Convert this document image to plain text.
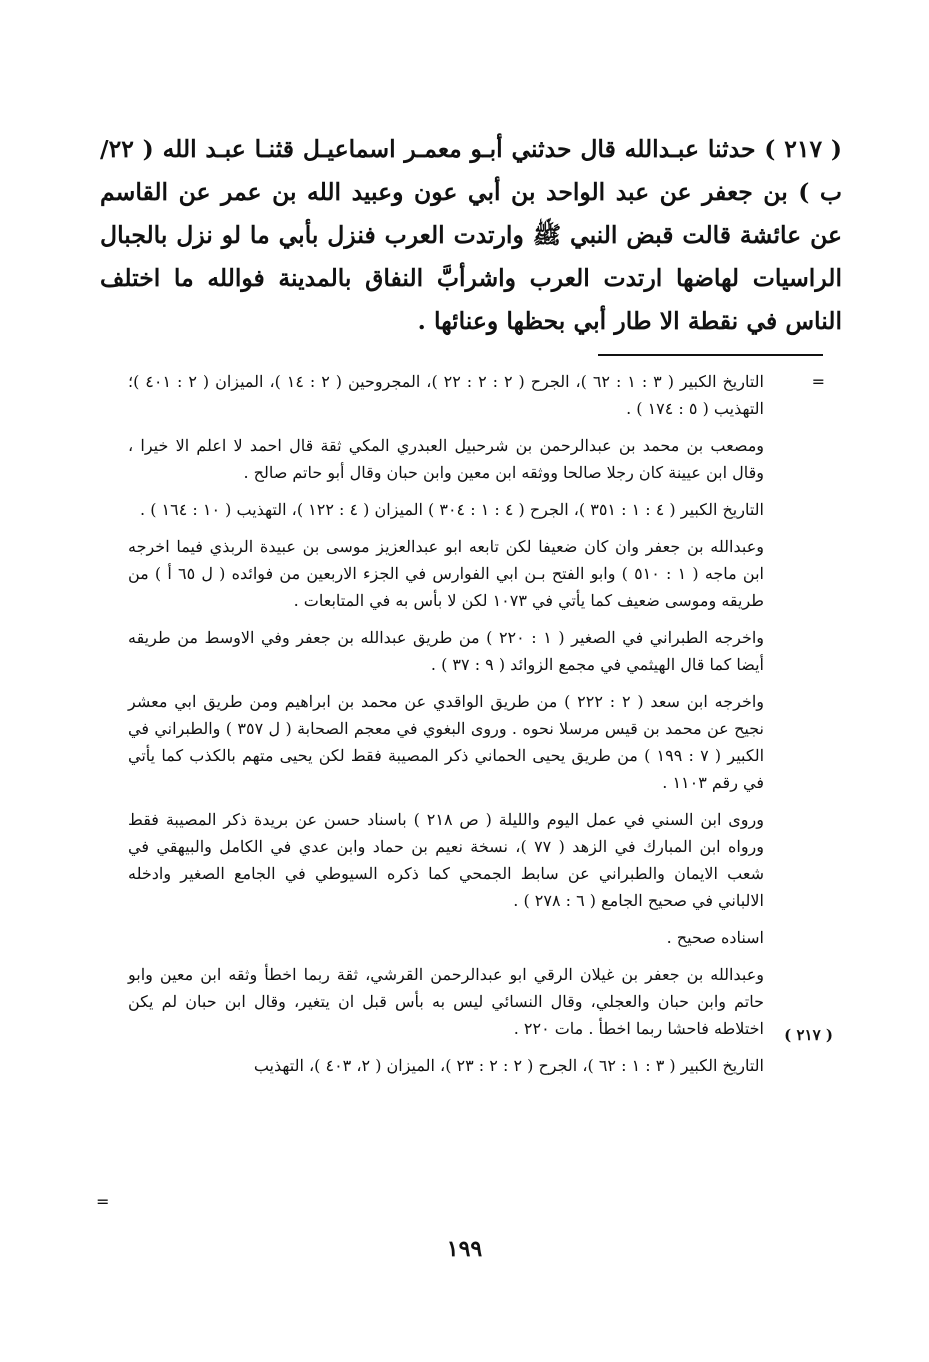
( ٢١٧ ) حدثنا عبـدالله قال حدثني أبـو معمـر اسماعيـل قثنـا عبـد الله ( ٢٢/ب ) بن جعفر عن عبد الواحد بن أبي عون وعبيد الله بن عمر عن القاسم عن عائشة قالت قبض النبي ﷺ وارتدت العرب فنزل بأبي ما لو نزل بالجبال الراسيات لهاضها ارتدت العرب واشرأبَّ النفاق بالمدينة فوالله ما اختلف الناس في نقطة الا طار أبي بحظها وعنائها .

=

التاريخ الكبير ( ٣ : ١ : ٦٢ )، الجرح ( ٢ : ٢ : ٢٢ )، المجروحين ( ٢ : ١٤ )، الميزان ( ٢ : ٤٠١ )؛ التهذيب ( ٥ : ١٧٤ ) .

ومصعب بن محمد بن عبدالرحمن بن شرحبيل العبدري المكي ثقة قال احمد لا اعلم الا خيرا ، وقال ابن عيينة كان رجلا صالحا ووثقه ابن معين وابن حبان وقال أبو حاتم صالح .

التاريخ الكبير ( ٤ : ١ : ٣٥١ )، الجرح ( ٤ : ١ : ٣٠٤ ) الميزان ( ٤ : ١٢٢ )، التهذيب ( ١٠ : ١٦٤ ) .

وعبدالله بن جعفر وان كان ضعيفا لكن تابعه ابو عبدالعزيز موسى بن عبيدة الربذي فيما اخرجه ابن ماجه ( ١ : ٥١٠ ) وابو الفتح بـن ابي الفوارس في الجزء الاربعين من فوائده ( ل ٦٥ أ ) من طريقه وموسى ضعيف كما يأتي في ١٠٧٣ لكن لا بأس به في المتابعات .

واخرجه الطبراني في الصغير ( ١ : ٢٢٠ ) من طريق عبدالله بن جعفر وفي الاوسط من طريقه أيضا كما قال الهيثمي في مجمع الزوائد ( ٩ : ٣٧ ) .

واخرجه ابن سعد ( ٢ : ٢٢٢ ) من طريق الواقدي عن محمد بن ابراهيم ومن طريق ابي معشر نجيح عن محمد بن قيس مرسلا نحوه . وروى البغوي في معجم الصحابة ( ل ٣٥٧ ) والطبراني في الكبير ( ٧ : ١٩٩ ) من طريق يحيى الحماني ذكر المصيبة فقط لكن يحيى متهم بالكذب كما يأتي في رقم ١١٠٣ .

وروى ابن السني في عمل اليوم والليلة ( ص ٢١٨ ) باسناد حسن عن بريدة ذكر المصيبة فقط ورواه ابن المبارك في الزهد ( ٧٧ )، نسخة نعيم بن حماد وابن عدي في الكامل والبيهقي في شعب الايمان والطبراني عن سابط الجمحي كما ذكره السيوطي في الجامع الصغير وادخله الالباني في صحيح الجامع ( ٦ : ٢٧٨ ) .

اسناده صحيح .

وعبدالله بن جعفر بن غيلان الرقي ابو عبدالرحمن القرشي، ثقة ربما اخطأ وثقه ابن معين وابو حاتم وابن حبان والعجلي، وقال النسائي ليس به بأس قبل ان يتغير، وقال ابن حبان لم يكن اختلاطه فاحشا ربما اخطأ . مات ٢٢٠ .

التاريخ الكبير ( ٣ : ١ : ٦٢ )، الجرح ( ٢ : ٢ : ٢٣ )، الميزان ( ٢، ٤٠٣ )، التهذيب

( ٢١٧ )
=
١٩٩
